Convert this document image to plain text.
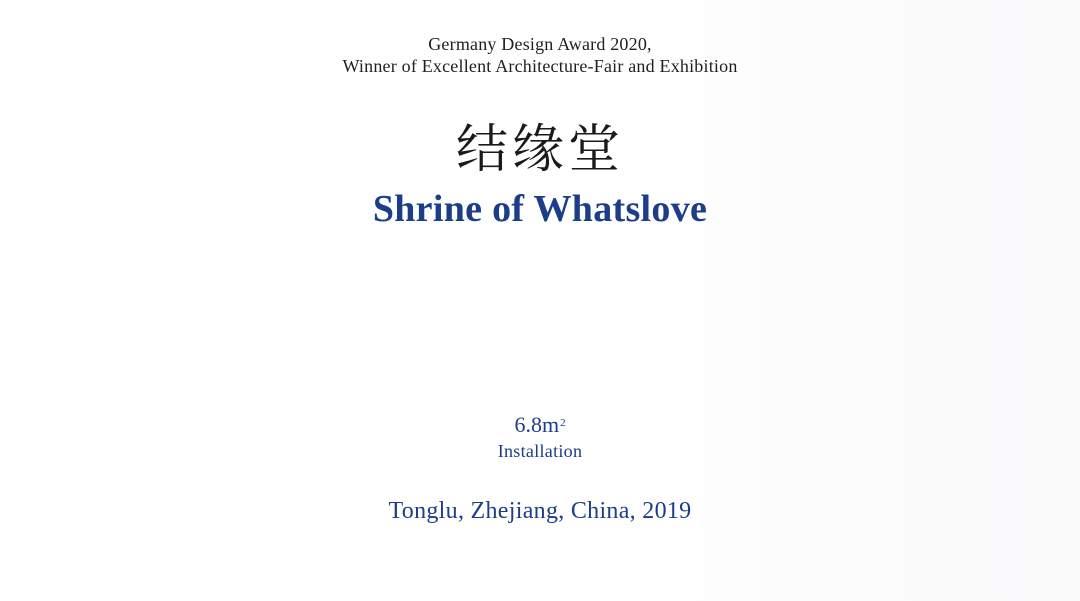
Germany Design Award 2020,
Winner of Excellent Architecture-Fair and Exhibition
结缘堂
Shrine of Whatslove
$6.8m^2$
Installation
Tonglu, Zhejiang, China, 2019
